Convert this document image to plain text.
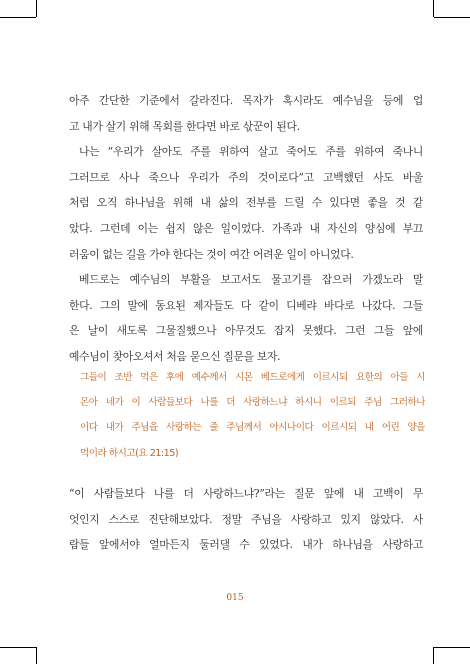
아주 간단한 기준에서 갈라진다. 목자가 혹시라도 예수님을 등에 업
고 내가 살기 위해 목회를 한다면 바로 삯꾼이 된다.

나는 “우리가 살아도 주를 위하여 살고 죽어도 주를 위하여 죽나니
그러므로 사나 죽으나 우리가 주의 것이로다”고 고백했던 사도 바울
처럼 오직 하나님을 위해 내 삶의 전부를 드릴 수 있다면 좋을 것 같
았다. 그런데 이는 쉽지 않은 일이었다. 가족과 내 자신의 양심에 부끄
러움이 없는 길을 가야 한다는 것이 여간 어려운 일이 아니었다.

베드로는 예수님의 부활을 보고서도 물고기를 잡으러 가겠노라 말
한다. 그의 말에 동요된 제자들도 다 같이 디베랴 바다로 나갔다. 그들
은 날이 새도록 그물질했으나 아무것도 잡지 못했다. 그런 그들 앞에
예수님이 찾아오셔서 처음 묻으신 질문을 보자.

그들이 조반 먹은 후에 예수께서 시몬 베드로에게 이르시되 요한의 아들 시
몬아 네가 이 사람들보다 나를 더 사랑하느냐 하시니 이르되 주님 그러하나
이다 내가 주님을 사랑하는 줄 주님께서 아시나이다 이르시되 내 어린 양을
먹이라 하시고(요 21:15)

“이 사람들보다 나를 더 사랑하느냐?”라는 질문 앞에 내 고백이 무
엇인지 스스로 진단해보았다. 정말 주님을 사랑하고 있지 않았다. 사
람들 앞에서야 얼마든지 둘러댈 수 있었다. 내가 하나님을 사랑하고

015
